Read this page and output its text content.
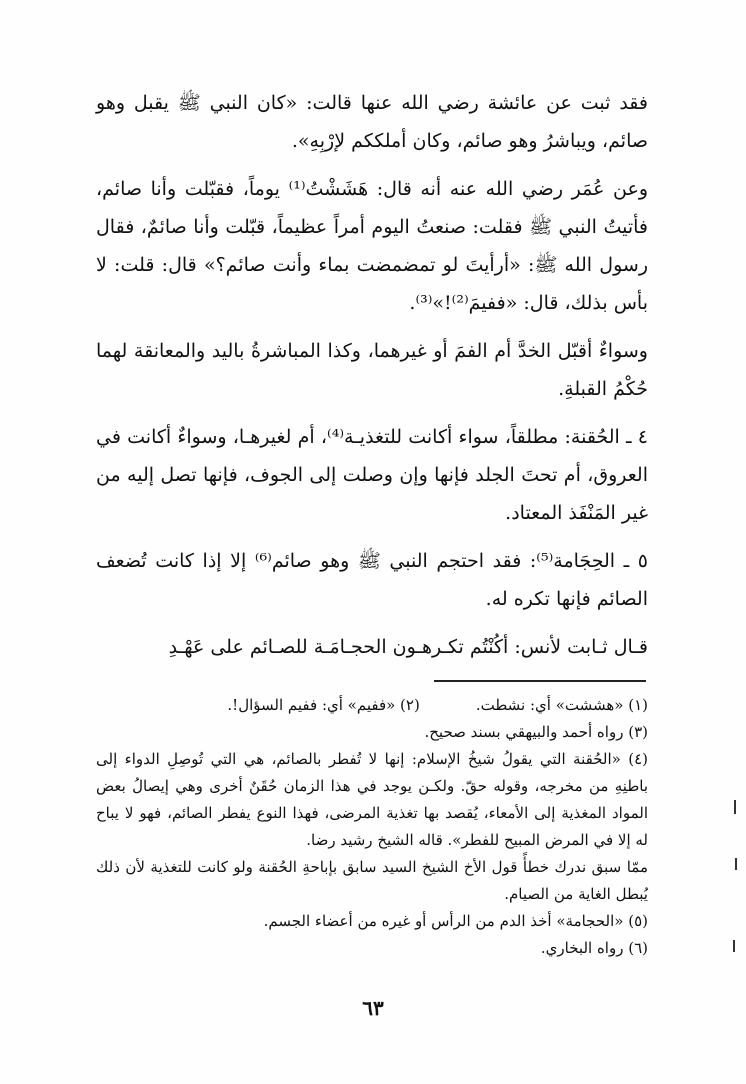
فقد ثبت عن عائشة رضي الله عنها قالت: «كان النبي ﷺ يقبل وهو صائم، ويباشرُ وهو صائم، وكان أملككم لإرْبِهِ».

وعن عُمَر رضي الله عنه أنه قال: هَشَشْتُ⁽¹⁾ يوماً، فقبّلت وأنا صائم، فأتيتُ النبي ﷺ فقلت: صنعتُ اليوم أمراً عظيماً، قبّلت وأنا صائمٌ، فقال رسول الله ﷺ: «أرأيتَ لو تمضمضت بماء وأنت صائم؟» قال: قلت: لا بأس بذلك، قال: «ففيمَ⁽²⁾!»⁽³⁾.

وسواءٌ أقبّل الخدَّ أم الفمَ أو غيرهما، وكذا المباشرةُ باليد والمعانقة لهما حُكْمُ القبلةِ.

٤ ـ الحُقنة: مطلقاً، سواء أكانت للتغذيـة⁽⁴⁾، أم لغيرهـا، وسواءٌ أكانت في العروق، أم تحتَ الجلد فإنها وإن وصلت إلى الجوف، فإنها تصل إليه من غير المَنْفَذ المعتاد.

٥ ـ الحِجَامة⁽⁵⁾: فقد احتجم النبي ﷺ وهو صائم⁽⁶⁾ إلا إذا كانت تُضعف الصائم فإنها تكره له.

قـال ثـابت لأنس: أكُنْتُم تكـرهـون الحجـامَـة للصـائم على عَهْـدِ

(١) «هششت» أي: نشطت.
(٢) «ففيم» أي: ففيم السؤال!.

(٣) رواه أحمد والبيهقي بسند صحيح.

(٤) «الحُقنة التي يقولُ شيخُ الإسلام: إنها لا تُفطر بالصائم، هي التي تُوصِلِ الدواء إلى باطنِهِ من مخرجه، وقوله حقّ. ولكـن يوجد في هذا الزمان حُقَنٌ أخرى وهي إيصالُ بعض المواد المغذية إلى الأمعاء، يُقصد بها تغذية المرضى، فهذا النوع يفطر الصائم، فهو لا يباح له إلا في المرض المبيح للفطر». قاله الشيخ رشيد رضا.

ممّا سبق ندرك خطأً قول الأخ الشيخ السيد سابق بإباحةِ الحُقنة ولو كانت للتغذية لأن ذلك يُبطل الغاية من الصيام.

(٥) «الحجامة» أخذ الدم من الرأس أو غيره من أعضاء الجسم.

(٦) رواه البخاري.

٦٣
